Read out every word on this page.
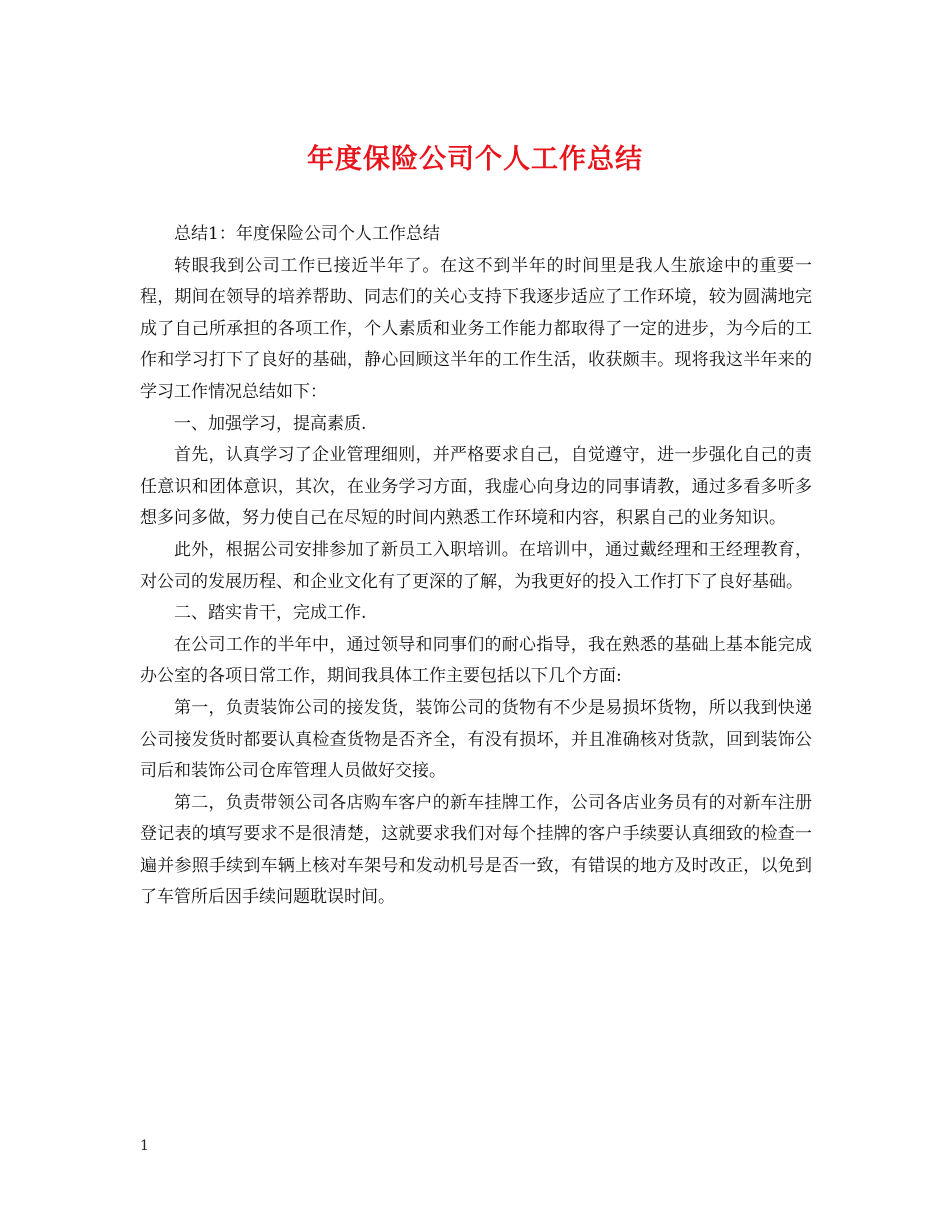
年度保险公司个人工作总结

总结1：年度保险公司个人工作总结

转眼我到公司工作已接近半年了。在这不到半年的时间里是我人生旅途中的重要一程，期间在领导的培养帮助、同志们的关心支持下我逐步适应了工作环境，较为圆满地完成了自己所承担的各项工作，个人素质和业务工作能力都取得了一定的进步，为今后的工作和学习打下了良好的基础，静心回顾这半年的工作生活，收获颇丰。现将我这半年来的学习工作情况总结如下：

一、加强学习，提高素质.

首先，认真学习了企业管理细则，并严格要求自己，自觉遵守，进一步强化自己的责任意识和团体意识，其次，在业务学习方面，我虚心向身边的同事请教，通过多看多听多想多问多做，努力使自己在尽短的时间内熟悉工作环境和内容，积累自己的业务知识。

此外，根据公司安排参加了新员工入职培训。在培训中，通过戴经理和王经理教育，对公司的发展历程、和企业文化有了更深的了解，为我更好的投入工作打下了良好基础。

二、踏实肯干，完成工作.

在公司工作的半年中，通过领导和同事们的耐心指导，我在熟悉的基础上基本能完成办公室的各项日常工作，期间我具体工作主要包括以下几个方面:

第一，负责装饰公司的接发货，装饰公司的货物有不少是易损坏货物，所以我到快递公司接发货时都要认真检查货物是否齐全，有没有损坏，并且准确核对货款，回到装饰公司后和装饰公司仓库管理人员做好交接。

第二，负责带领公司各店购车客户的新车挂牌工作，公司各店业务员有的对新车注册登记表的填写要求不是很清楚，这就要求我们对每个挂牌的客户手续要认真细致的检查一遍并参照手续到车辆上核对车架号和发动机号是否一致，有错误的地方及时改正，以免到了车管所后因手续问题耽误时间。

1
